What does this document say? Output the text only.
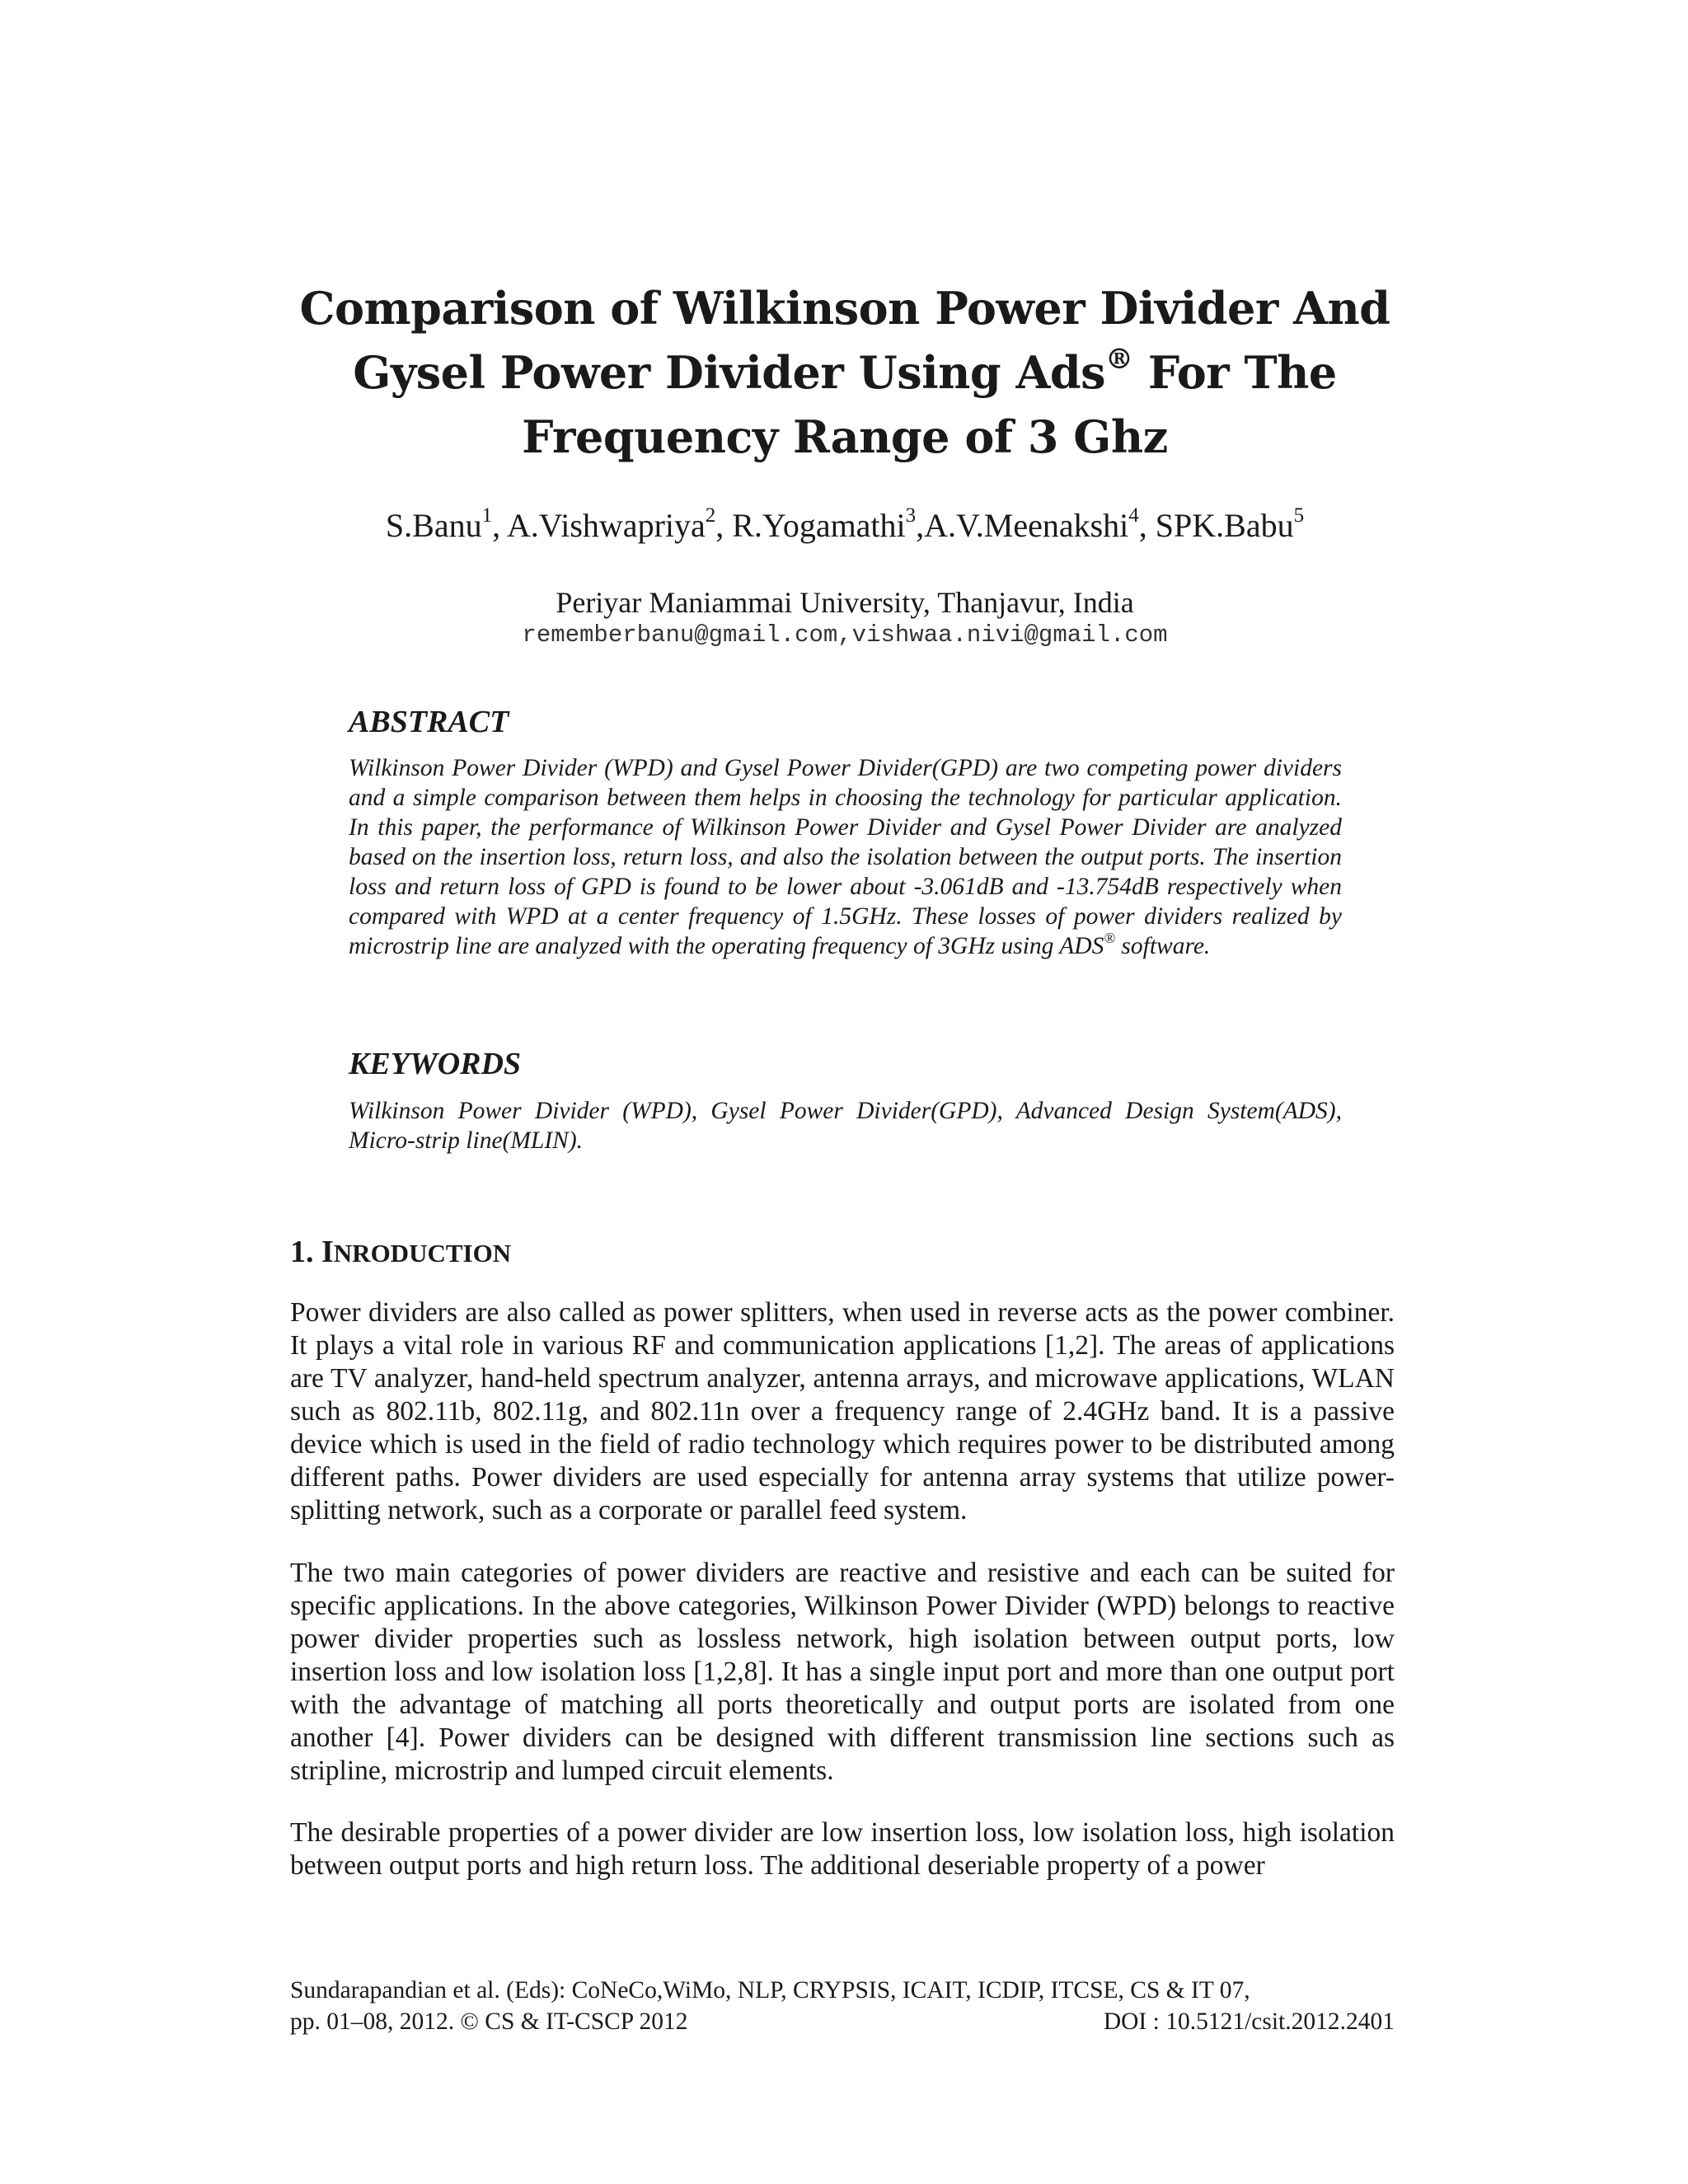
Comparison of Wilkinson Power Divider And
Gysel Power Divider Using Ads® For The
Frequency Range of 3 Ghz

S.Banu$^1$, A.Vishwapriya$^2$, R.Yogamathi$^3$,A.V.Meenakshi$^4$, SPK.Babu$^5$

Periyar Maniammai University, Thanjavur, India

rememberbanu@gmail.com,vishwaa.nivi@gmail.com

ABSTRACT

Wilkinson Power Divider (WPD) and Gysel Power Divider(GPD) are two competing power dividers and a simple comparison between them helps in choosing the technology for particular application. In this paper, the performance of Wilkinson Power Divider and Gysel Power Divider are analyzed based on the insertion loss, return loss, and also the isolation between the output ports. The insertion loss and return loss of GPD is found to be lower about -3.061dB and -13.754dB respectively when compared with WPD at a center frequency of 1.5GHz. These losses of power dividers realized by microstrip line are analyzed with the operating frequency of 3GHz using ADS® software.

KEYWORDS

Wilkinson Power Divider (WPD), Gysel Power Divider(GPD), Advanced Design System(ADS), Micro-strip line(MLIN).

1. INRODUCTION

Power dividers are also called as power splitters, when used in reverse acts as the power combiner. It plays a vital role in various RF and communication applications [1,2]. The areas of applications are TV analyzer, hand-held spectrum analyzer, antenna arrays, and microwave applications, WLAN such as 802.11b, 802.11g, and 802.11n over a frequency range of 2.4GHz band. It is a passive device which is used in the field of radio technology which requires power to be distributed among different paths. Power dividers are used especially for antenna array systems that utilize power-splitting network, such as a corporate or parallel feed system.

The two main categories of power dividers are reactive and resistive and each can be suited for specific applications. In the above categories, Wilkinson Power Divider (WPD) belongs to reactive power divider properties such as lossless network, high isolation between output ports, low insertion loss and low isolation loss [1,2,8]. It has a single input port and more than one output port with the advantage of matching all ports theoretically and output ports are isolated from one another [4]. Power dividers can be designed with different transmission line sections such as stripline, microstrip and lumped circuit elements.

The desirable properties of a power divider are low insertion loss, low isolation loss, high isolation between output ports and high return loss. The additional deseriable property of a power

Sundarapandian et al. (Eds): CoNeCo,WiMo, NLP, CRYPSIS, ICAIT, ICDIP, ITCSE, CS & IT 07,

pp. 01–08, 2012. © CS & IT-CSCP 2012	DOI : 10.5121/csit.2012.2401
